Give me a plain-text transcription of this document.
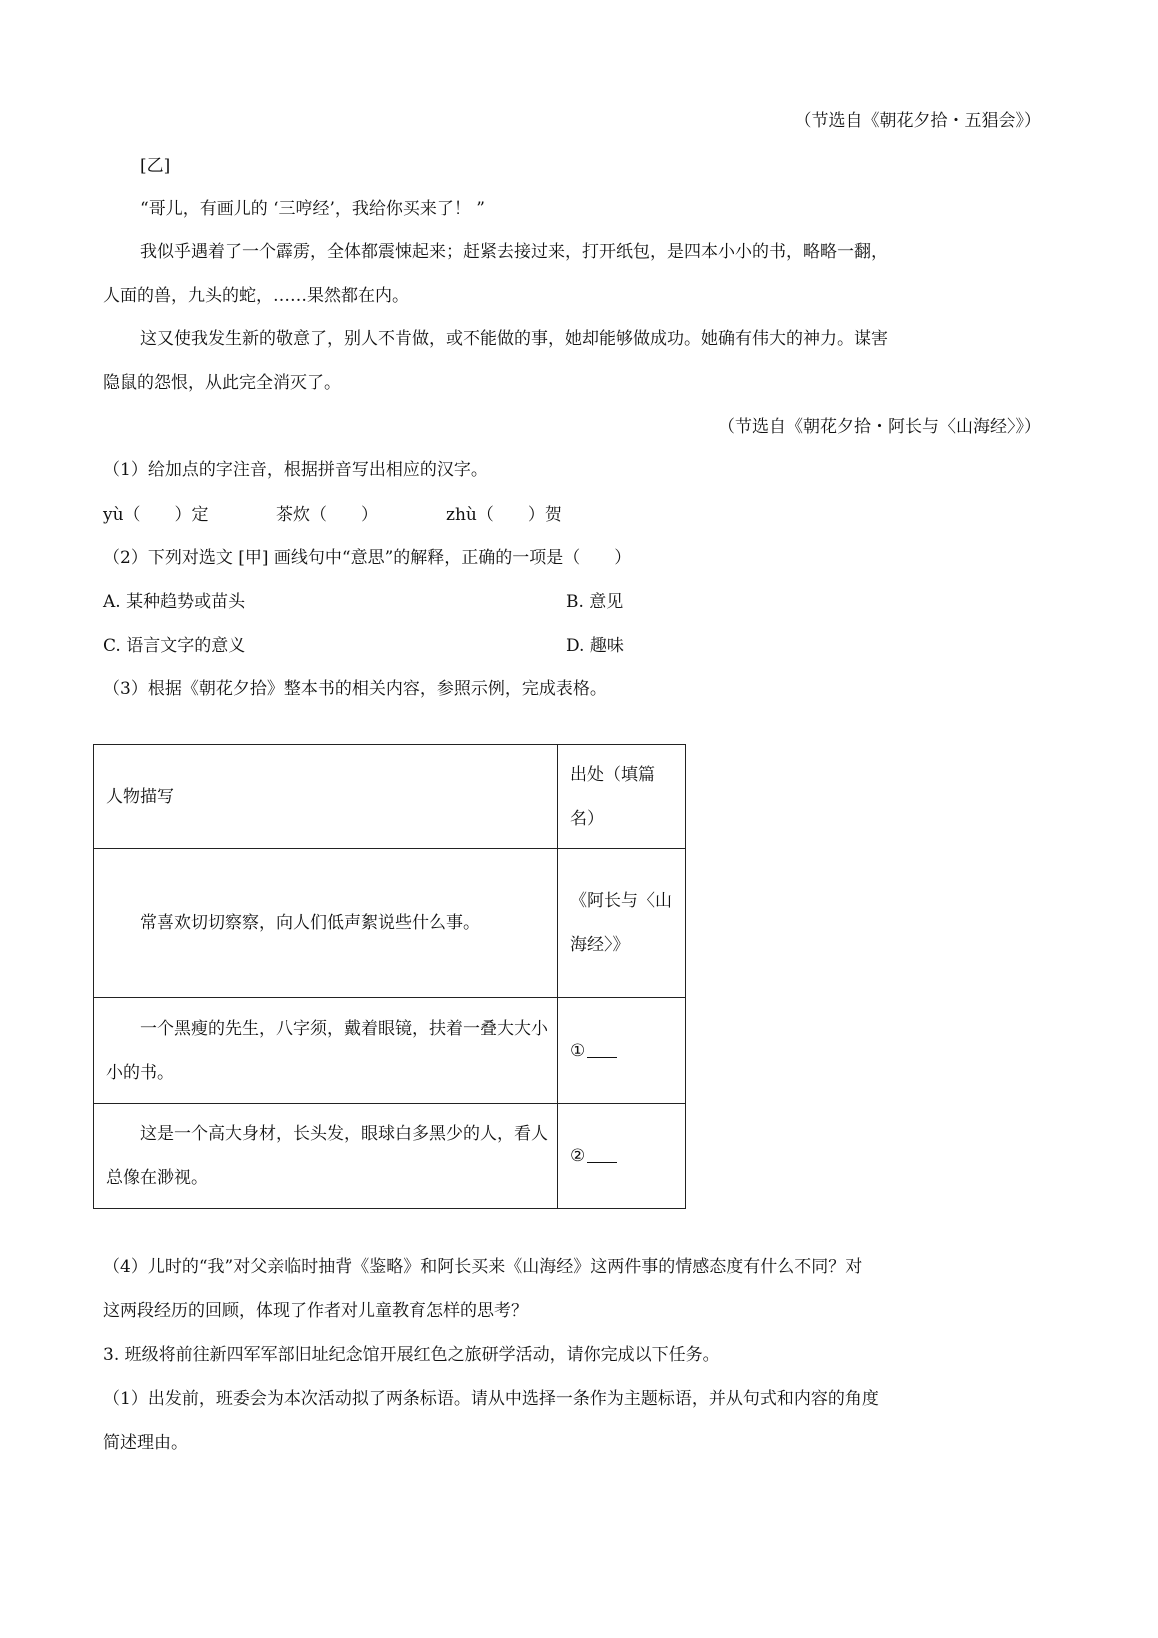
（节选自《朝花夕拾・五猖会》）
[乙]
“哥儿，有画儿的 ‘三哼经’，我给你买来了！ ”
我似乎遇着了一个霹雳，全体都震悚起来；赶紧去接过来，打开纸包，是四本小小的书，略略一翻，
人面的兽，九头的蛇，……果然都在内。
这又使我发生新的敬意了，别人不肯做，或不能做的事，她却能够做成功。她确有伟大的神力。谋害
隐鼠的怨恨，从此完全消灭了。
（节选自《朝花夕拾・阿长与〈山海经〉》）
（1）给加点的字注音，根据拼音写出相应的汉字。
yù（　　）定	茶炊（　　）	zhù（　　）贺
（2）下列对选文 [甲] 画线句中“意思”的解释，正确的一项是（　　）
A. 某种趋势或苗头	B. 意见
C. 语言文字的意义	D. 趣味
（3）根据《朝花夕拾》整本书的相关内容，参照示例，完成表格。
人物描写	出处（填篇名）

常喜欢切切察察，向人们低声絮说些什么事。	《阿长与〈山海经〉》

一个黑瘦的先生，八字须，戴着眼镜，扶着一叠大大小小的书。	①

这是一个高大身材，长头发，眼球白多黑少的人，看人总像在渺视。	②
（4）儿时的“我”对父亲临时抽背《鉴略》和阿长买来《山海经》这两件事的情感态度有什么不同？对
这两段经历的回顾，体现了作者对儿童教育怎样的思考？
3. 班级将前往新四军军部旧址纪念馆开展红色之旅研学活动，请你完成以下任务。
（1）出发前，班委会为本次活动拟了两条标语。请从中选择一条作为主题标语，并从句式和内容的角度
简述理由。
